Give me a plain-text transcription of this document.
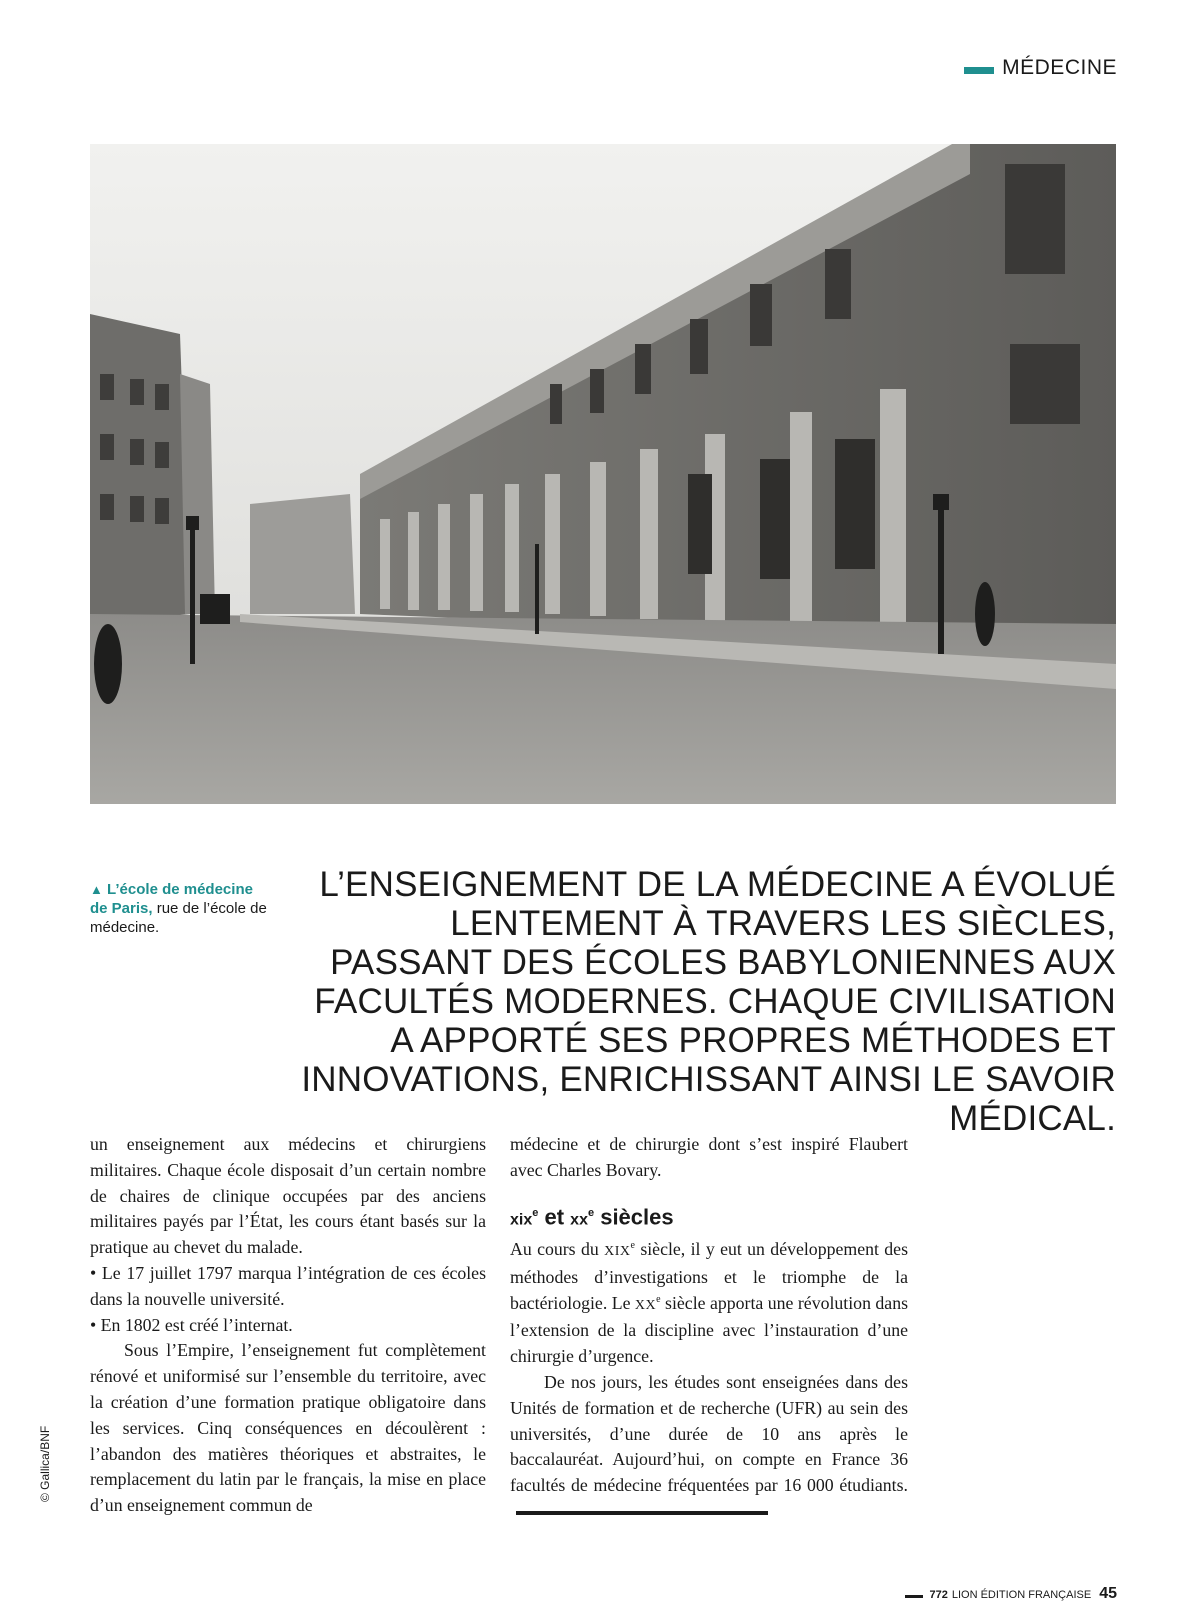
MÉDECINE
▲ L’école de médecine de Paris, rue de l’école de médecine.
L’ENSEIGNEMENT DE LA MÉDECINE A ÉVOLUÉ LENTEMENT À TRAVERS LES SIÈCLES, PASSANT DES ÉCOLES BABYLONIENNES AUX FACULTÉS MODERNES. CHAQUE CIVILISATION A APPORTÉ SES PROPRES MÉTHODES ET INNOVATIONS, ENRICHISSANT AINSI LE SAVOIR MÉDICAL.

un enseignement aux médecins et chirurgiens militaires. Chaque école disposait d’un certain nombre de chaires de clinique occupées par des anciens militaires payés par l’État, les cours étant basés sur la pratique au chevet du malade.

• Le 17 juillet 1797 marqua l’intégration de ces écoles dans la nouvelle université.

• En 1802 est créé l’internat.

Sous l’Empire, l’enseignement fut complètement rénové et uniformisé sur l’ensemble du territoire, avec la création d’une formation pratique obligatoire dans les services. Cinq conséquences en découlèrent : l’abandon des matières théoriques et abstraites, le remplacement du latin par le français, la mise en place d’un enseignement commun de

médecine et de chirurgie dont s’est inspiré Flaubert avec Charles Bovary.

xix$^e$ et $xx^e$ siècles

Au cours du XIXe siècle, il y eut un développement des méthodes d’investigations et le triomphe de la bactériologie. Le XXe siècle apporta une révolution dans l’extension de la discipline avec l’instauration d’une chirurgie d’urgence.

De nos jours, les études sont enseignées dans des Unités de formation et de recherche (UFR) au sein des universités, d’une durée de 10 ans après le baccalauréat. Aujourd’hui, on compte en France 36 facultés de médecine fréquentées par 16 000 étudiants.

© Gallica/BNF
772 LION ÉDITION FRANÇAISE 45
